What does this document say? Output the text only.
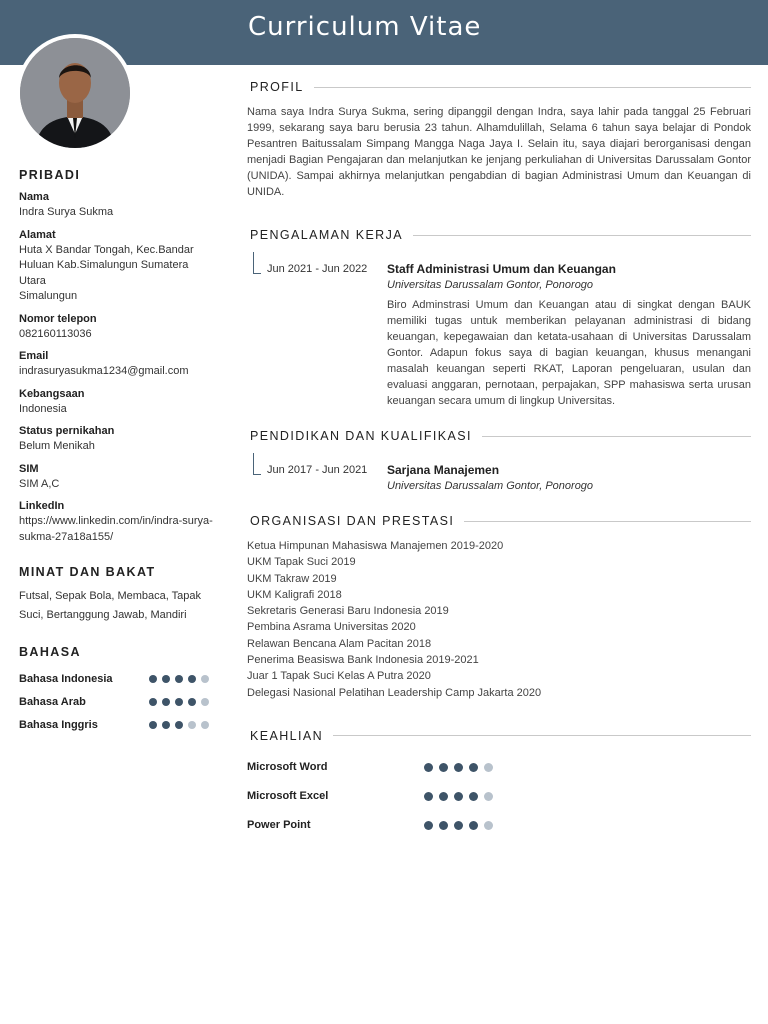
Curriculum Vitae
PRIBADI
Nama
Indra Surya Sukma
Alamat
Huta X Bandar Tongah, Kec.Bandar Huluan Kab.Simalungun Sumatera Utara
Simalungun
Nomor telepon
082160113036
Email
indrasuryasukma1234@gmail.com
Kebangsaan
Indonesia
Status pernikahan
Belum Menikah
SIM
SIM A,C
LinkedIn
https://www.linkedin.com/in/indra-surya-sukma-27a18a155/
MINAT DAN BAKAT
Futsal, Sepak Bola, Membaca, Tapak Suci, Bertanggung Jawab, Mandiri
BAHASA
Bahasa Indonesia
Bahasa Arab
Bahasa Inggris
PROFIL
Nama saya Indra Surya Sukma, sering dipanggil dengan Indra, saya lahir pada tanggal 25 Februari 1999, sekarang saya baru berusia 23 tahun. Alhamdulillah, Selama 6 tahun saya belajar di Pondok Pesantren Baitussalam Simpang Mangga Naga Jaya I. Selain itu, saya diajari berorganisasi dengan menjadi Bagian Pengajaran dan melanjutkan ke jenjang perkuliahan di Universitas Darussalam Gontor (UNIDA). Sampai akhirnya melanjutkan pengabdian di bagian Administrasi Umum dan Keuangan di UNIDA.
PENGALAMAN KERJA
Jun 2021 - Jun 2022	Staff Administrasi Umum dan Keuangan
Universitas Darussalam Gontor, Ponorogo
Biro Adminstrasi Umum dan Keuangan atau di singkat dengan BAUK memiliki tugas untuk memberikan pelayanan administrasi di bidang keuangan, kepegawaian dan ketata-usahaan di Universitas Darussalam Gontor. Adapun fokus saya di bagian keuangan, khusus menangani masalah keuangan seperti RKAT, Laporan pengeluaran, usulan dan evaluasi anggaran, pernotaan, perpajakan, SPP mahasiswa serta urusan keuangan secara umum di lingkup Universitas.
PENDIDIKAN DAN KUALIFIKASI
Jun 2017 - Jun 2021	Sarjana Manajemen
Universitas Darussalam Gontor, Ponorogo
ORGANISASI DAN PRESTASI
Ketua Himpunan Mahasiswa Manajemen 2019-2020
UKM Tapak Suci 2019
UKM Takraw 2019
UKM Kaligrafi 2018
Sekretaris Generasi Baru Indonesia 2019
Pembina Asrama Universitas 2020
Relawan Bencana Alam Pacitan 2018
Penerima Beasiswa Bank Indonesia 2019-2021
Juar 1 Tapak Suci Kelas A Putra 2020
Delegasi Nasional Pelatihan Leadership Camp Jakarta 2020
KEAHLIAN
Microsoft Word
Microsoft Excel
Power Point
